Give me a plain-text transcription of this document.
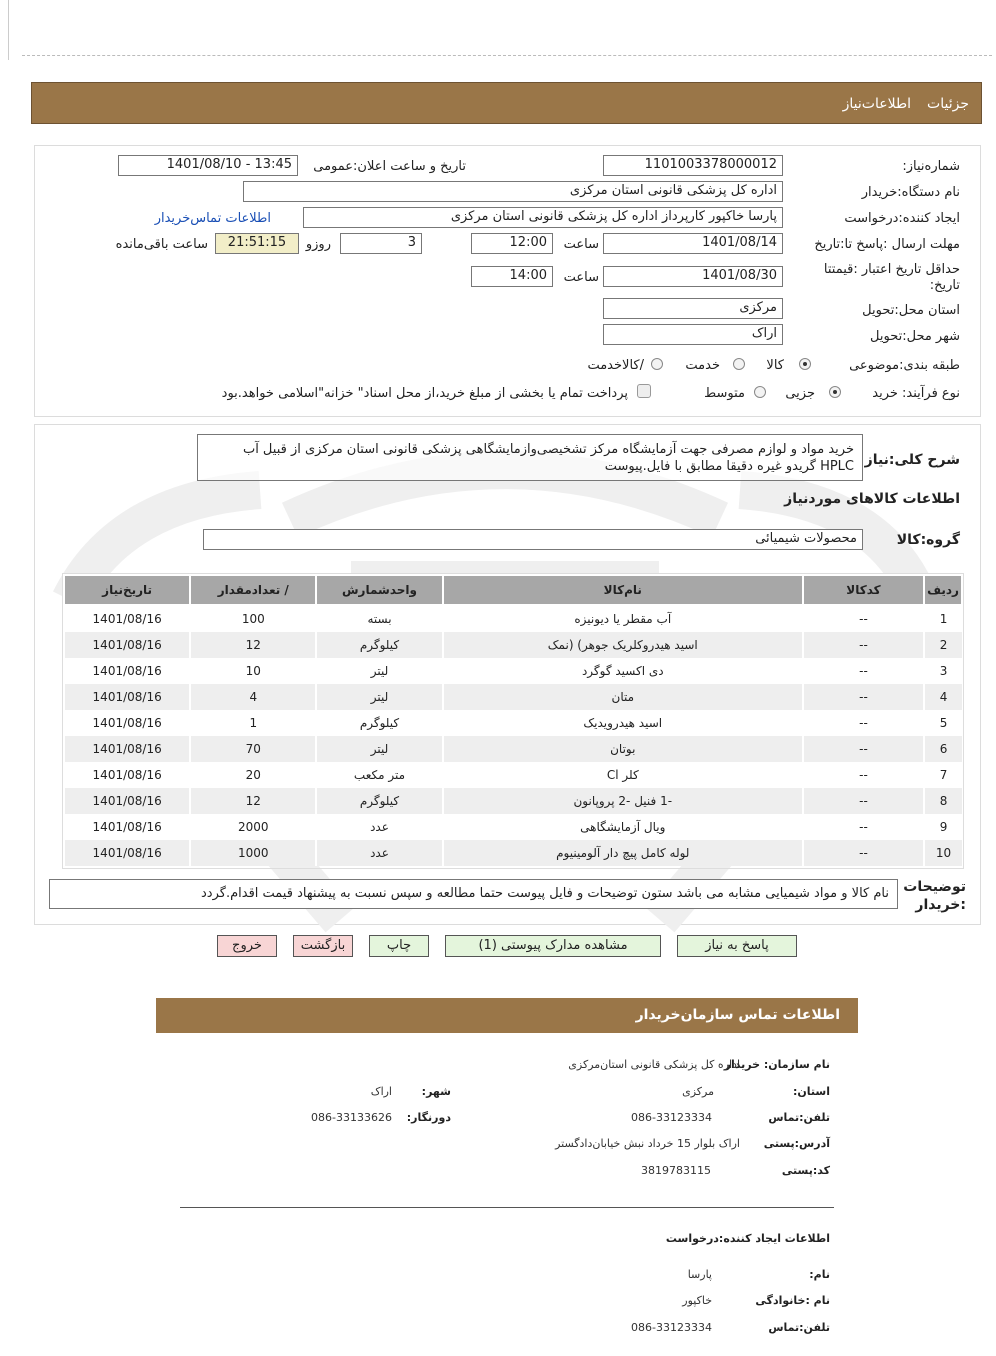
اطلاعات‌نیاز جزئیات
شماره‌نیاز:
1101003378000012
تاریخ و ساعت اعلان:عمومی
1401/08/10 - 13:45
نام دستگاه:خریدار
اداره کل پزشکی قانونی استان مرکزی
ایجاد کننده:درخواست
پارسا خاکپور کارپرداز اداره کل پزشکی قانونی استان مرکزی
اطلاعات تماس‌خریدار
مهلت ارسال :پاسخ تا:تاریخ
1401/08/14
ساعت
12:00
3
روزو
21:51:15
ساعت باقی‌مانده
حداقل تاریخ اعتبار :قیمتتا
تاریخ:
1401/08/30
ساعت
14:00
استان محل:تحویل
مرکزی
شهر محل:تحویل
اراک
طبقه بندی:موضوعی
کالا
خدمت
/کالاخدمت
نوع فرآیند: خرید
جزیی
متوسط
پرداخت تمام یا بخشی از مبلغ خرید،از محل اسناد" خزانه"اسلامی خواهد.بود
شرح کلی:نیاز
خرید مواد و لوازم مصرفی جهت آزمایشگاه مرکز تشخیصی‌وازمایشگاهی پزشکی قانونی استان مرکزی از قبیل آب HPLC گریدو غیره دقیقا مطابق با فایل.پیوست
اطلاعات کالاهای موردنیاز
گروه:کالا
محصولات شیمیائی
ردیف	کدکالا	نام‌کالا	واحدشمارش	/ تعدادمقدار	تاریخ‌نیاز
1	--	آب مقطر یا دیونیزه	بسته	100	1401/08/16
2	--	اسید هیدروکلریک جوهر) (نمک	کیلوگرم	12	1401/08/16
3	--	دی اکسید گوگرد	لیتر	10	1401/08/16
4	--	متان	لیتر	4	1401/08/16
5	--	اسید هیدرویدیک	کیلوگرم	1	1401/08/16
6	--	بوتان	لیتر	70	1401/08/16
7	--	کلر Cl	متر مکعب	20	1401/08/16
8	--	-1 فنیل -2 پروپانون	کیلوگرم	12	1401/08/16
9	--	ویال آزمایشگاهی	عدد	2000	1401/08/16
10	--	لوله کامل پیچ دار آلومینیوم	عدد	1000	1401/08/16
توضیحات
:خریدار
نام کالا و مواد شیمیایی مشابه می باشد ستون توضیحات و فایل پیوست حتما مطالعه و سپس نسبت به پیشنهاد قیمت اقدام.گردد
پاسخ به نیاز
مشاهده مدارک پیوستی (1)
چاپ
بازگشت
خروج
اطلاعات تماس سازمان‌خریدار
نام سازمان: خریدار
اداره کل پزشکی قانونی استان‌مرکزی
استان:
مرکزی
شهر:
اراک
تلفن:تماس
086-33123334
دورنگار:
086-33133626
آدرس:پستی
اراک بلوار 15 خرداد نبش خیابان‌دادگستر
کد:پستی
3819783115
اطلاعات ایجاد کننده:درخواست
نام:
پارسا
نام :خانوادگی
خاکپور
تلفن:تماس
086-33123334
